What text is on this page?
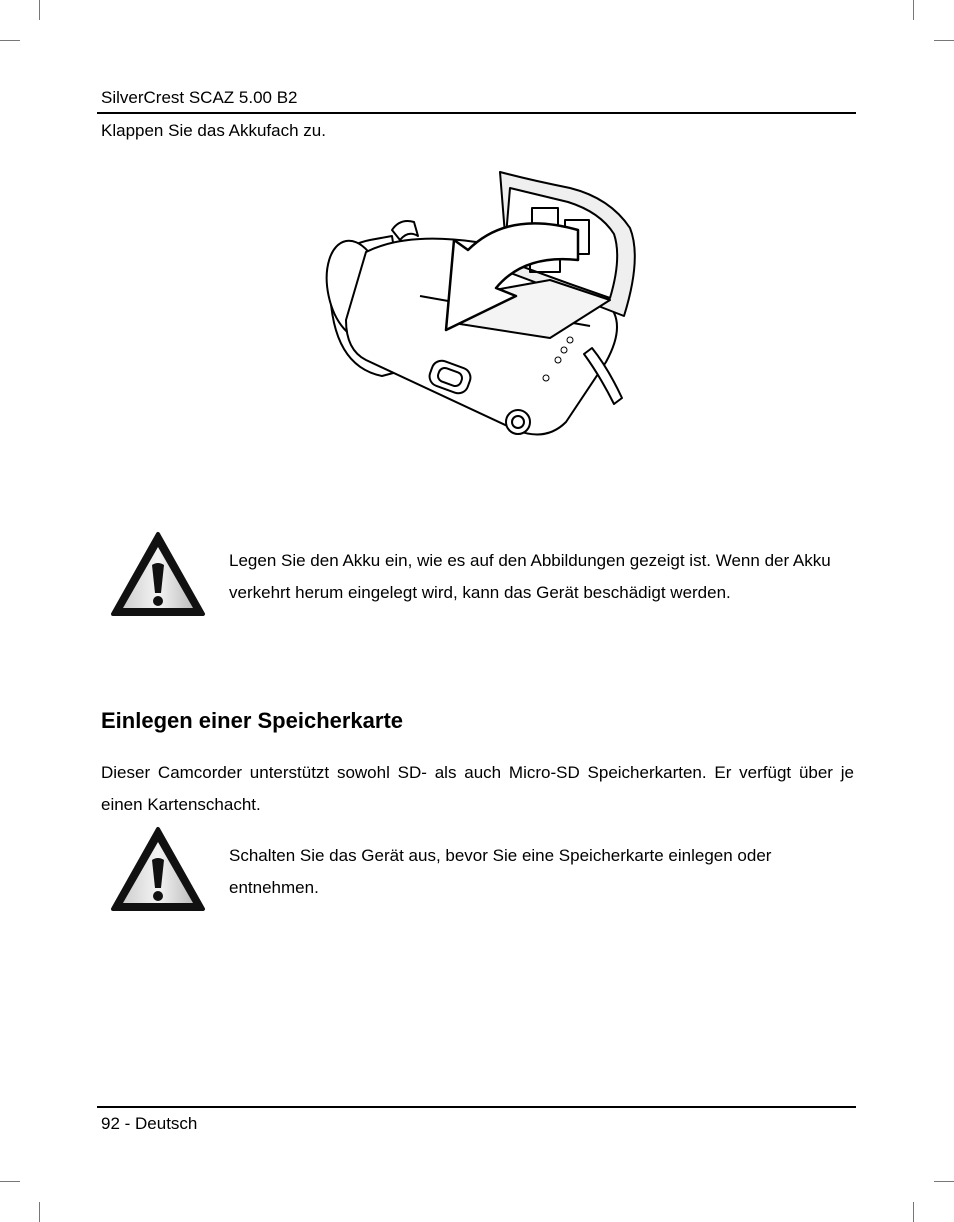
SilverCrest SCAZ 5.00 B2
Klappen Sie das Akkufach zu.
Legen Sie den Akku ein, wie es auf den Abbildungen gezeigt ist. Wenn der Akku verkehrt herum eingelegt wird, kann das Gerät beschädigt werden.
Einlegen einer Speicherkarte
Dieser Camcorder unterstützt sowohl SD- als auch Micro-SD Speicherkarten. Er verfügt über je einen Kartenschacht.
Schalten Sie das Gerät aus, bevor Sie eine Speicherkarte einlegen oder entnehmen.
92 - Deutsch
